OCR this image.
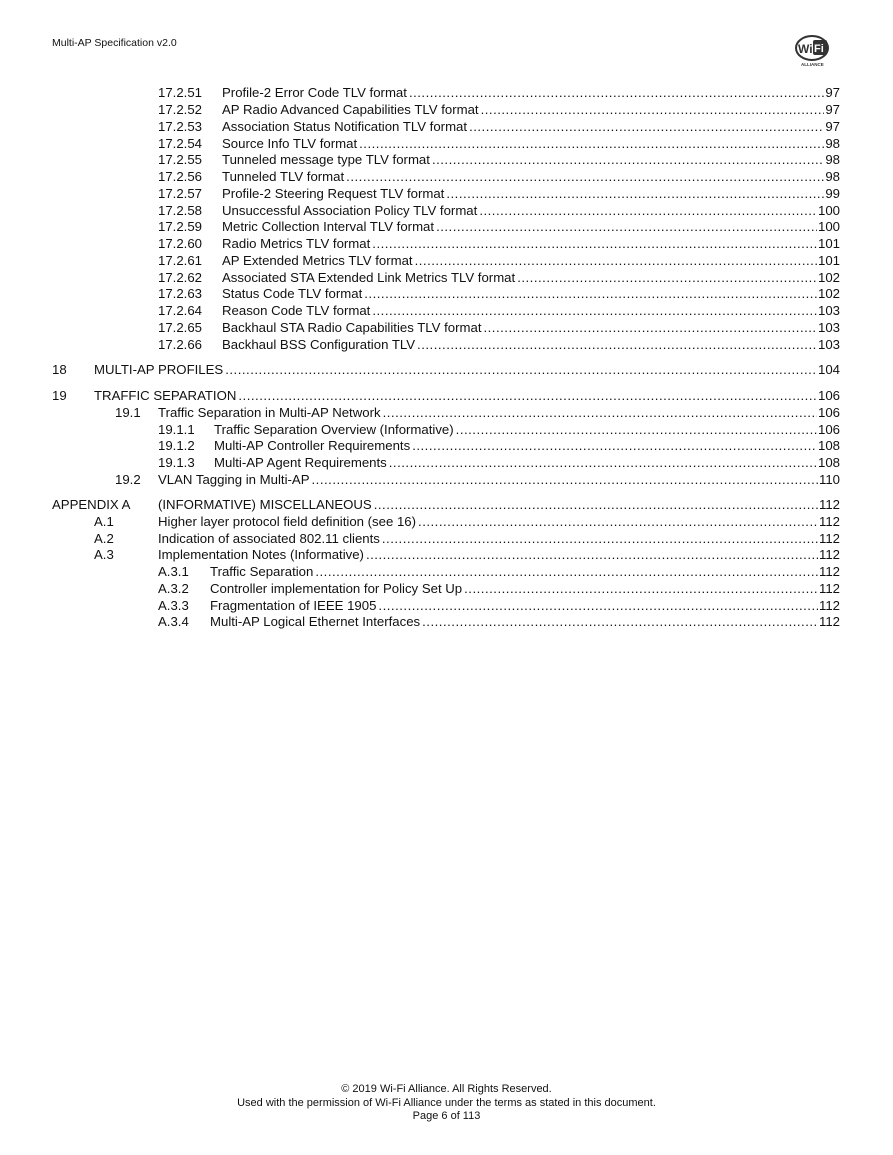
Multi-AP Specification v2.0	Wi Fi
ALLIANCE
17.2.51 Profile-2 Error Code TLV format .....	97
17.2.52 AP Radio Advanced Capabilities TLV format .....	97
17.2.53 Association Status Notification TLV format .....	97
17.2.54 Source Info TLV format .....	98
17.2.55 Tunneled message type TLV format .....	98
17.2.56 Tunneled TLV format .....	98
17.2.57 Profile-2 Steering Request TLV format .....	99
17.2.58 Unsuccessful Association Policy TLV format .....	100
17.2.59 Metric Collection Interval TLV format .....	100
17.2.60 Radio Metrics TLV format .....	101
17.2.61 AP Extended Metrics TLV format .....	101
17.2.62 Associated STA Extended Link Metrics TLV format .....	102
17.2.63 Status Code TLV format .....	102
17.2.64 Reason Code TLV format .....	103
17.2.65 Backhaul STA Radio Capabilities TLV format .....	103
17.2.66 Backhaul BSS Configuration TLV .....	103
18 MULTI-AP PROFILES .....	104
19 TRAFFIC SEPARATION .....	106
19.1 Traffic Separation in Multi-AP Network .....	106
19.1.1 Traffic Separation Overview (Informative) .....	106
19.1.2 Multi-AP Controller Requirements .....	108
19.1.3 Multi-AP Agent Requirements .....	108
19.2 VLAN Tagging in Multi-AP .....	110
APPENDIX A (INFORMATIVE) MISCELLANEOUS .....	112
A.1	Higher layer protocol field definition (see 16) .....	112
A.2	Indication of associated 802.11 clients .....	112
A.3	Implementation Notes (Informative) .....	112
A.3.1 Traffic Separation .....	112
A.3.2 Controller implementation for Policy Set Up .....	112
A.3.3 Fragmentation of IEEE 1905 .....	112
A.3.4 Multi-AP Logical Ethernet Interfaces .....	112
© 2019 Wi-Fi Alliance. All Rights Reserved.
Used with the permission of Wi-Fi Alliance under the terms as stated in this document.
Page 6 of 113
